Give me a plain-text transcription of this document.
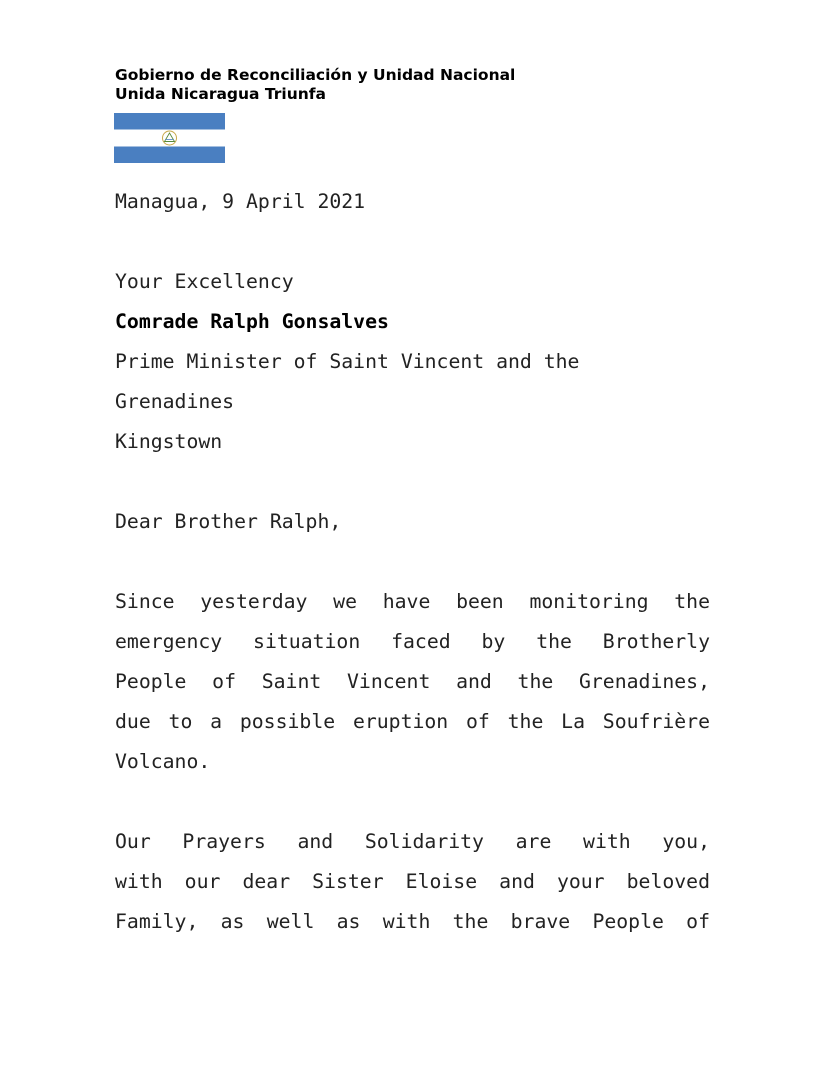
Gobierno de Reconciliación y Unidad Nacional
Unida Nicaragua Triunfa
Managua, 9 April 2021
Your Excellency
Comrade Ralph Gonsalves
Prime Minister of Saint Vincent and the
Grenadines
Kingstown
Dear Brother Ralph,
Since yesterday we have been monitoring the
emergency situation faced by the Brotherly
People of Saint Vincent and the Grenadines,
due to a possible eruption of the La Soufrière
Volcano.
Our Prayers and Solidarity are with you,
with our dear Sister Eloise and your beloved
Family, as well as with the brave People of
